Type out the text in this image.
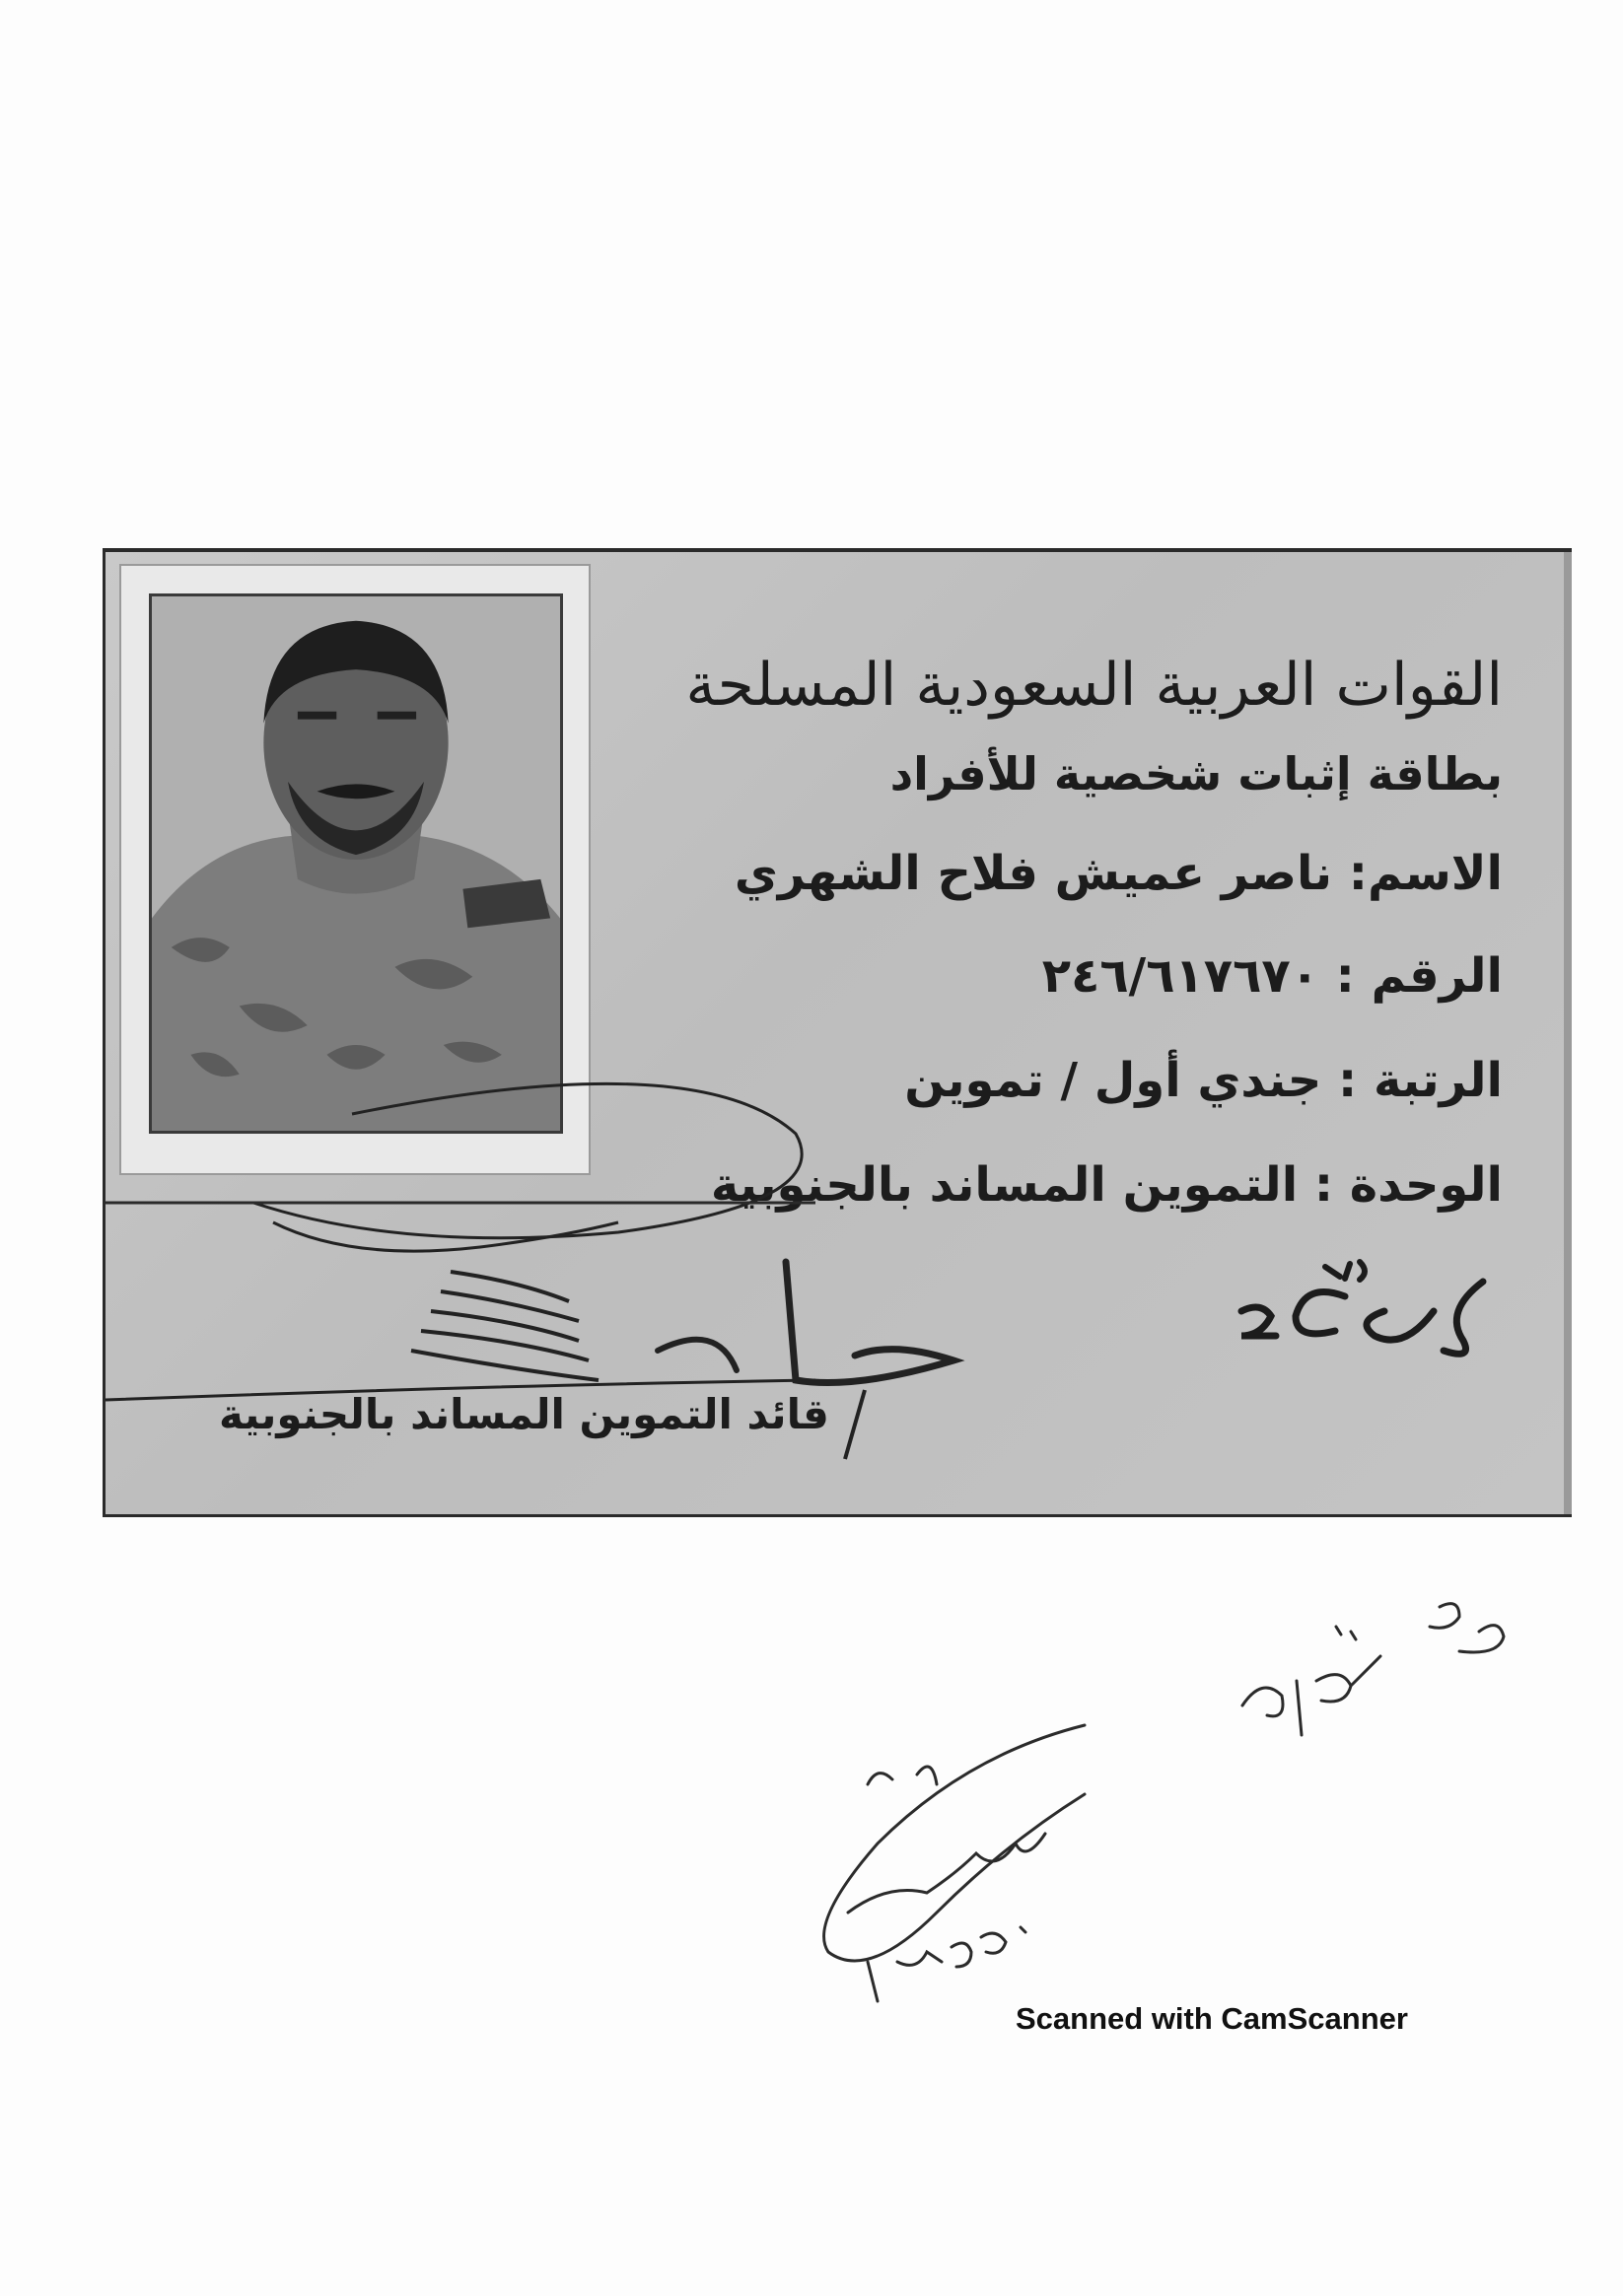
القوات العربية السعودية المسلحة
بطاقة إثبات شخصية للأفراد
الاسم: ناصر عميش فلاح الشهري
الرقم : ٢٤٦/٦١٧٦٧٠
الرتبة : جندي أول / تموين
الوحدة : التموين المساند بالجنوبية
قائد التموين المساند بالجنوبية
Scanned with CamScanner
